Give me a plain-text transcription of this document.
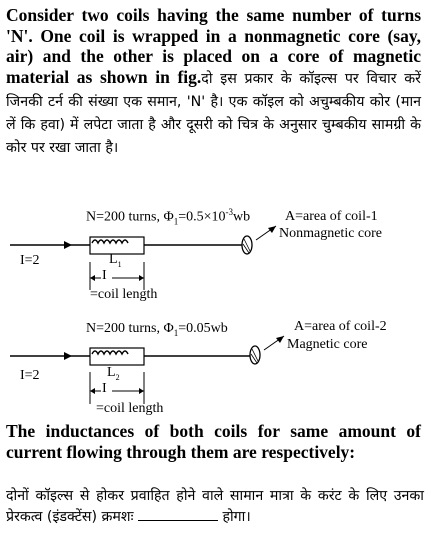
Consider two coils having the same number of turns 'N'. One coil is wrapped in a nonmagnetic core (say, air) and the other is placed on a core of magnetic material as shown in fig.दो इस प्रकार के कॉइल्स पर विचार करें जिनकी टर्न की संख्या एक समान, 'N' है। एक कॉइल को अचुम्बकीय कोर (मान लें कि हवा) में लपेटा जाता है और दूसरी को चित्र के अनुसार चुम्बकीय सामग्री के कोर पर रखा जाता है।
N=200 turns, $\Phi_1=0.5\times 10^{-3}wb$
I=2	$L_1$
I
=coil length
A=area of coil-1
Nonmagnetic core
N=200 turns, $\Phi_1=0.05wb$
I=2	$L_2$
I
=coil length
A=area of coil-2
Magnetic core
The inductances of both coils for same amount of current flowing through them are respectively:
दोनों कॉइल्स से होकर प्रवाहित होने वाले सामान मात्रा के करंट के लिए उनका प्रेरकत्व (इंडक्टेंस) क्रमशः	होगा।
